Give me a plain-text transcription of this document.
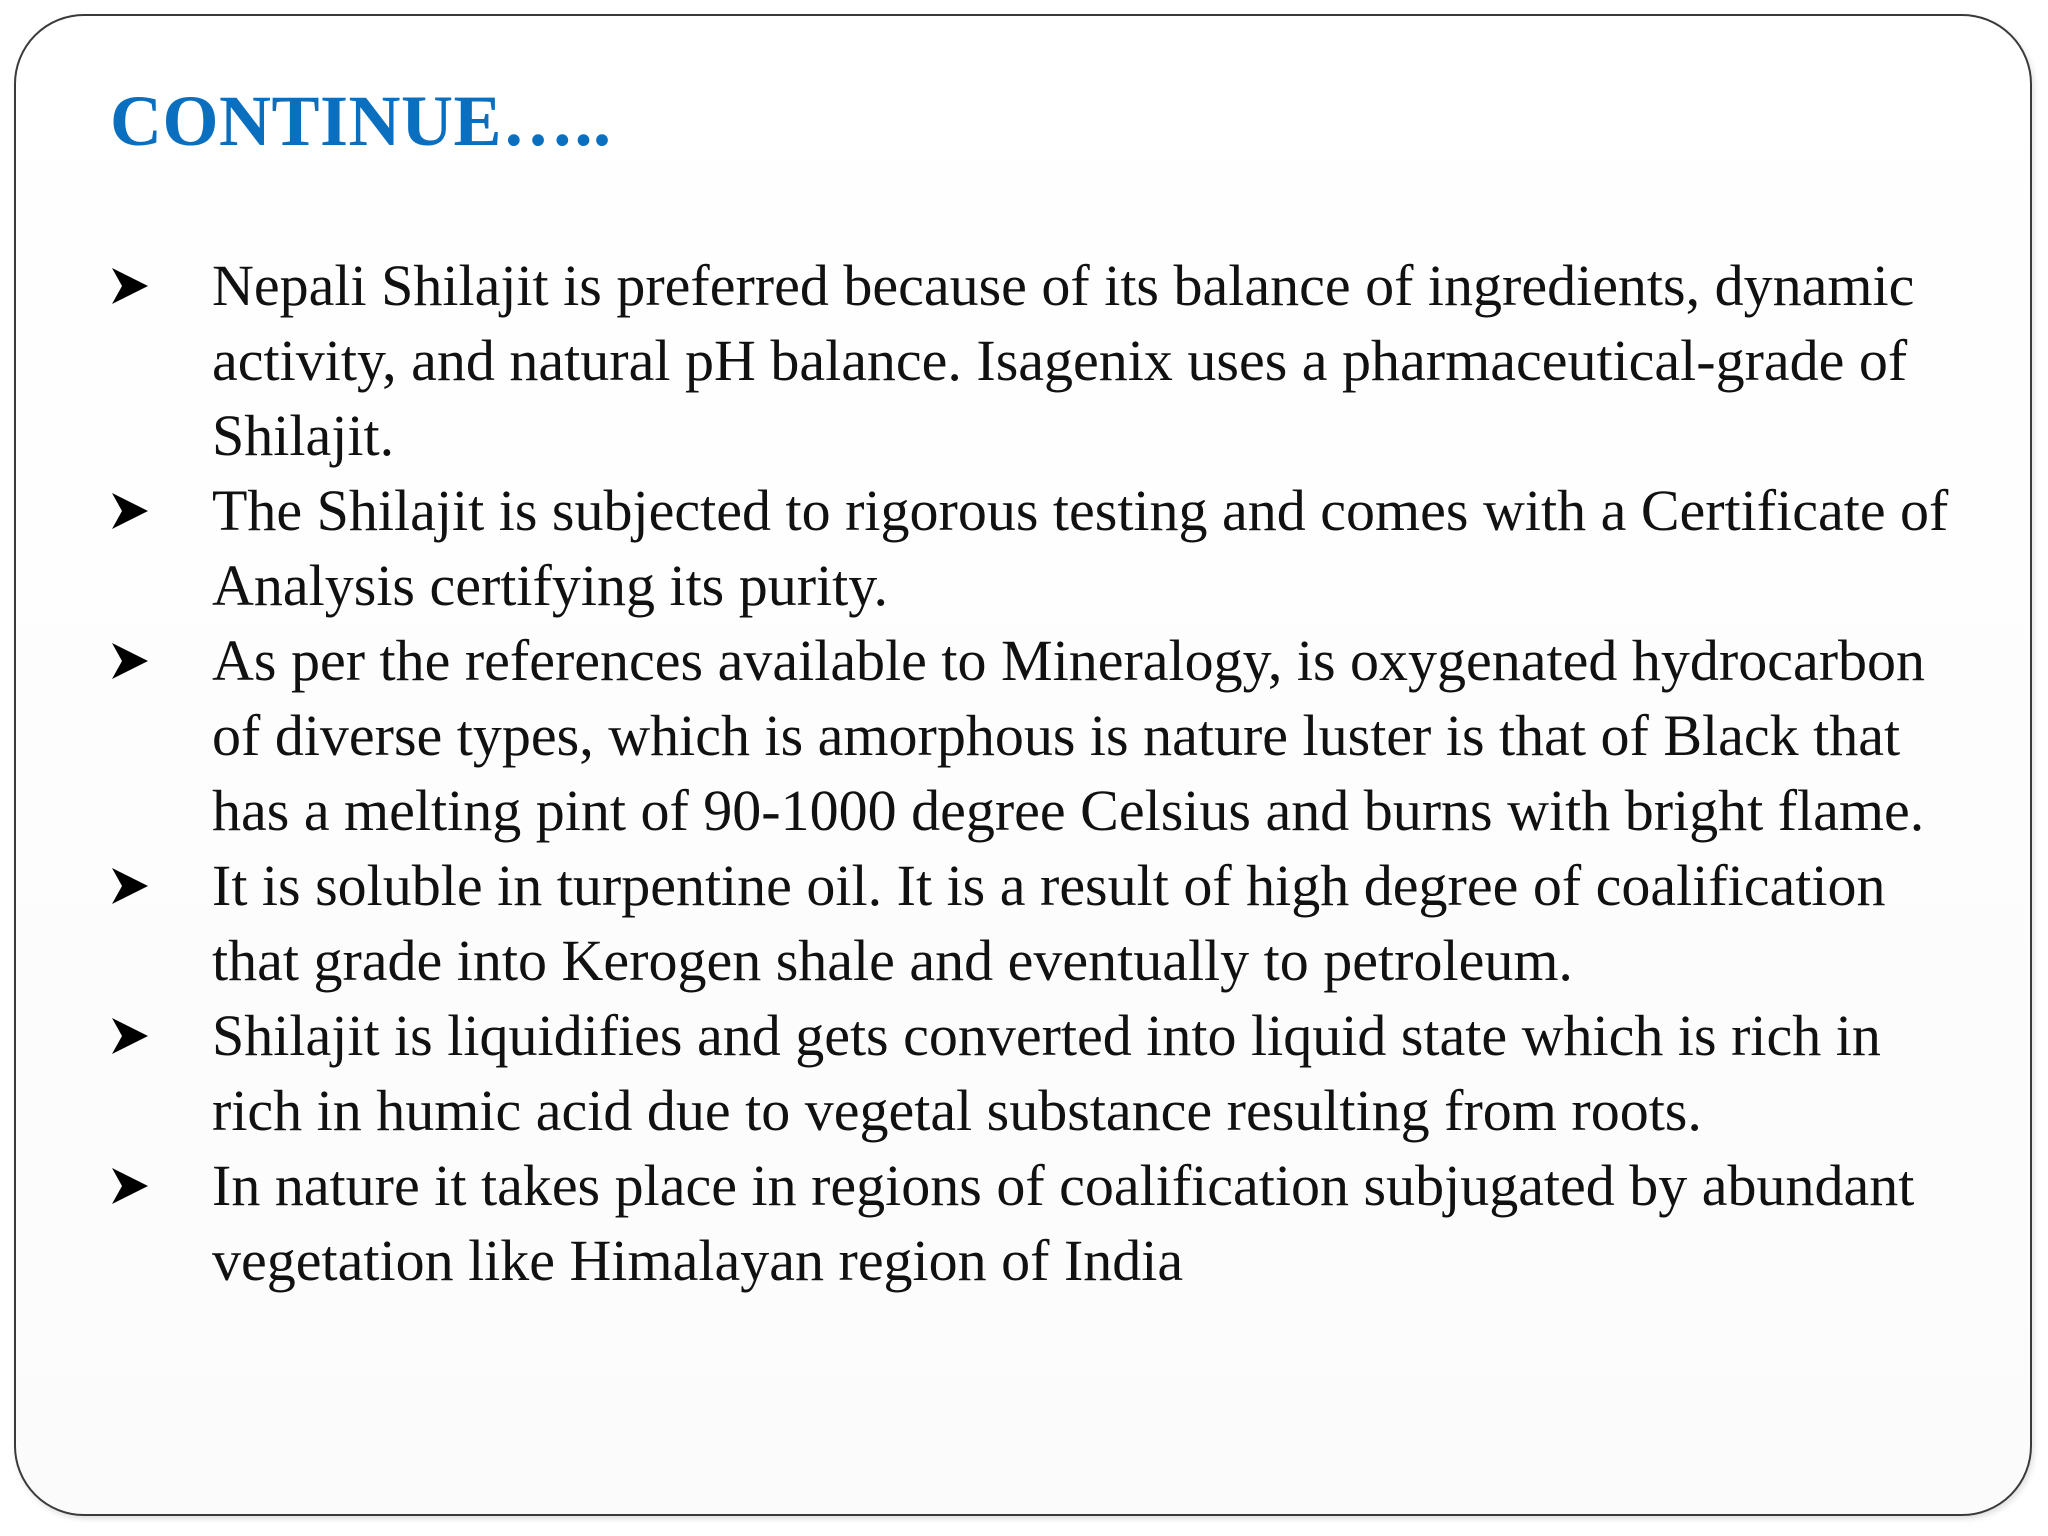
CONTINUE…..
Nepali Shilajit is preferred because of its balance of ingredients, dynamic activity, and natural pH balance. Isagenix uses a pharmaceutical-grade of Shilajit.
The Shilajit is subjected to rigorous testing and comes with a Certificate of Analysis certifying its purity.
As per the references available to Mineralogy, is oxygenated hydrocarbon of diverse types, which is amorphous is nature luster is that of Black that has a melting pint of 90-1000 degree Celsius and burns with bright flame.
It is soluble in turpentine oil. It is a result of high degree of coalification that grade into Kerogen shale and eventually to petroleum.
Shilajit is liquidifies and gets converted into liquid state which is rich in rich in humic acid due to vegetal substance resulting from roots.
In nature it takes place in regions of coalification subjugated by abundant vegetation like Himalayan region of India
